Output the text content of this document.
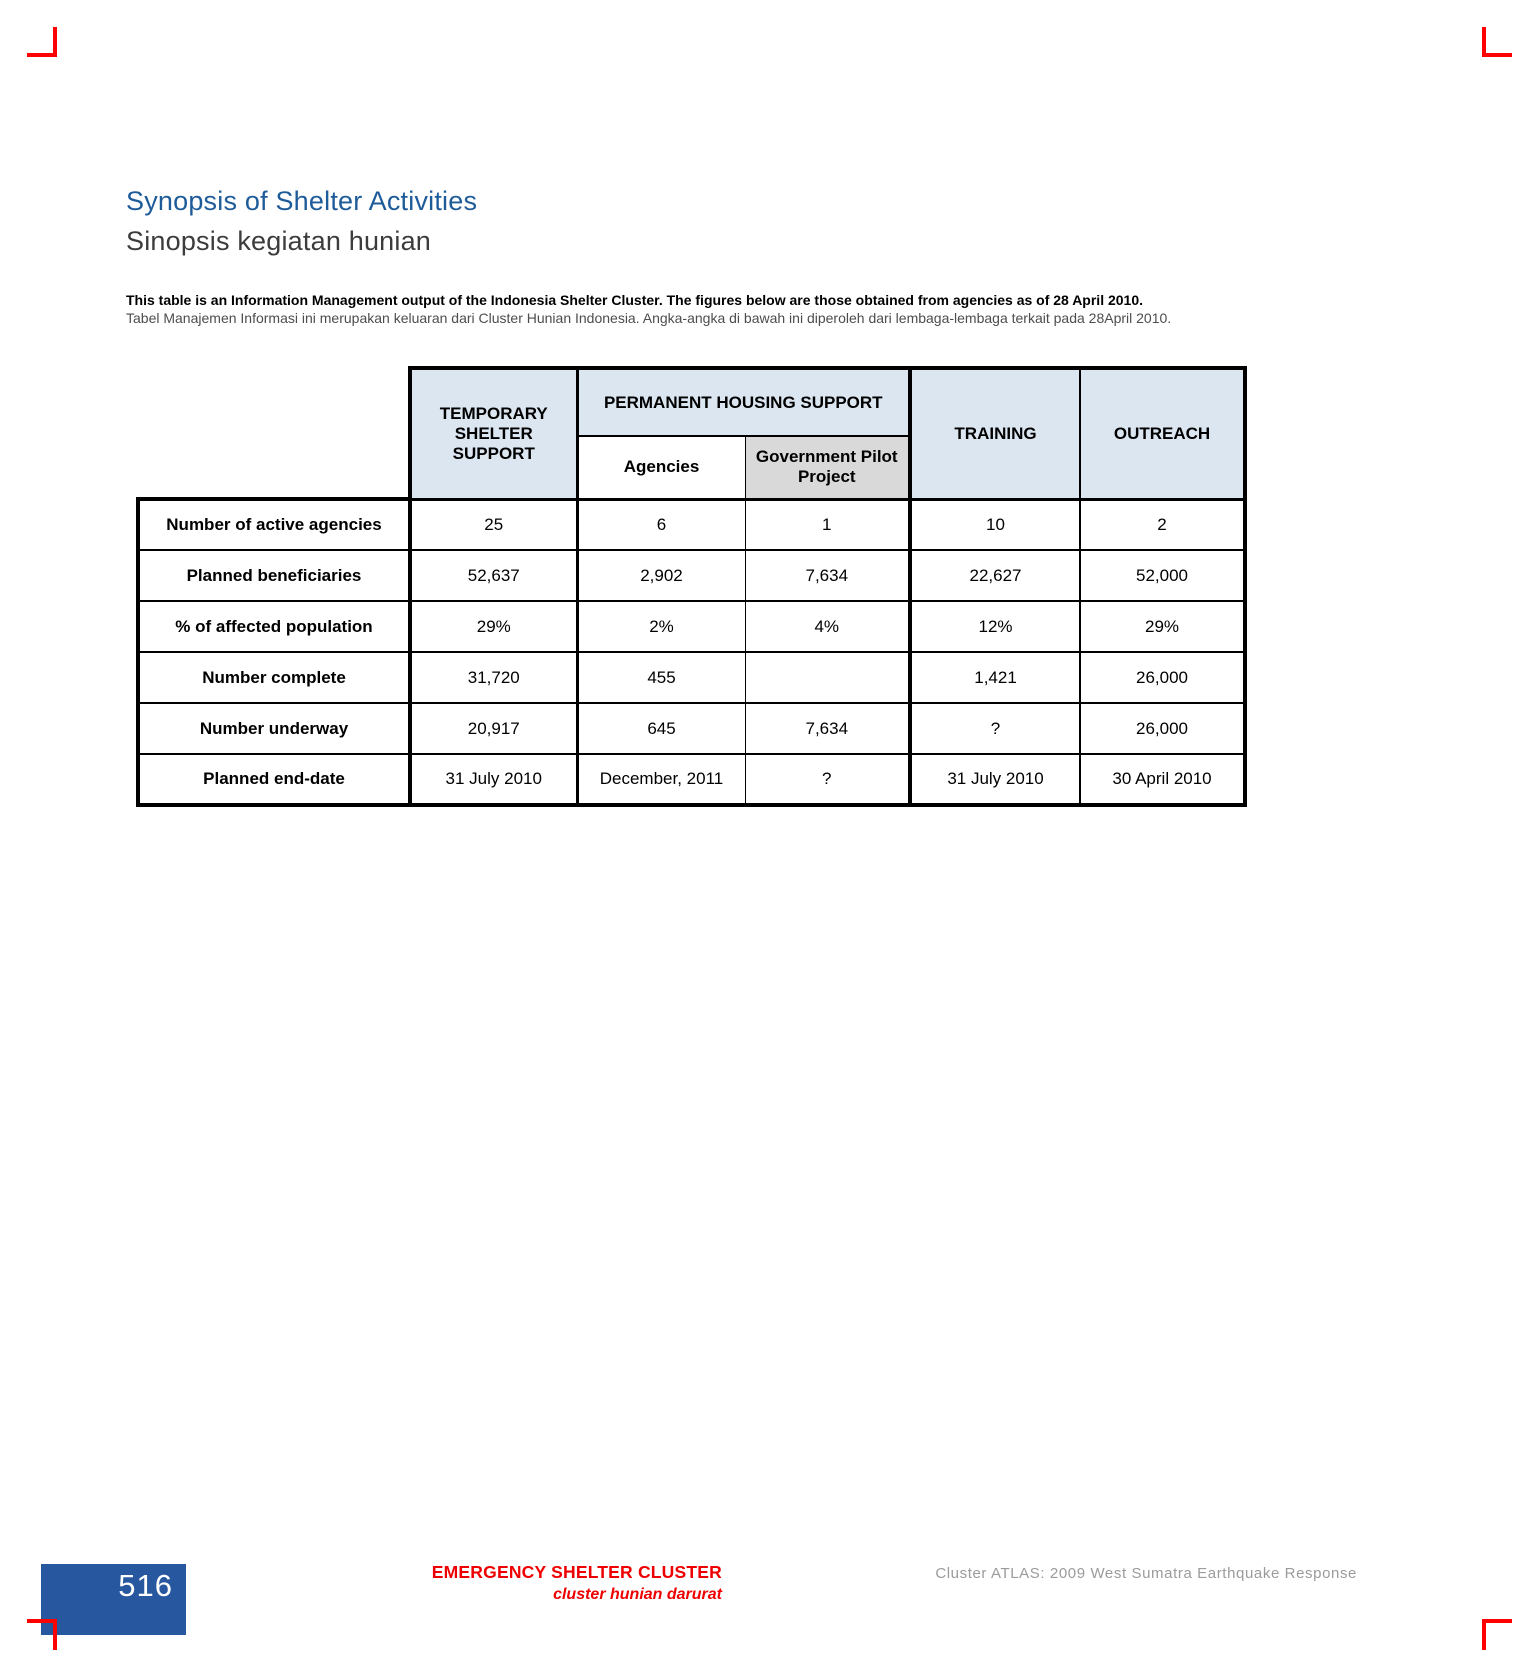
Synopsis of Shelter Activities
Sinopsis kegiatan hunian
This table is an Information Management output of the Indonesia Shelter Cluster. The figures below are those obtained from agencies as of 28 April 2010.
Tabel Manajemen Informasi ini merupakan keluaran dari Cluster Hunian Indonesia. Angka-angka di bawah ini diperoleh dari lembaga-lembaga terkait pada 28April 2010.
	TEMPORARY SHELTER SUPPORT	PERMANENT HOUSING SUPPORT		TRAINING	OUTREACH
		Agencies	Government Pilot Project		
Number of active agencies	25	6	1	10	2
Planned beneficiaries	52,637	2,902	7,634	22,627	52,000
% of affected population	29%	2%	4%	12%	29%
Number complete	31,720	455		1,421	26,000
Number underway	20,917	645	7,634	?	26,000
Planned end-date	31 July 2010	December, 2011	?	31 July 2010	30 April 2010
516	EMERGENCY SHELTER CLUSTER
cluster hunian darurat
Cluster ATLAS: 2009 West Sumatra Earthquake Response
